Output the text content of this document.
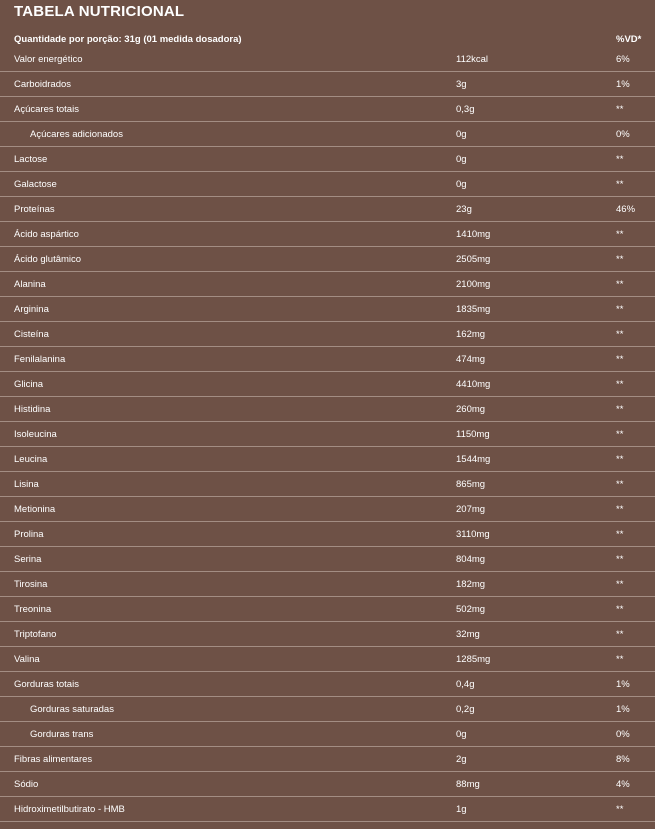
TABELA NUTRICIONAL
Quantidade por porção: 31g (01 medida dosadora)	%VD*
Valor energético	112kcal	6%
Carboidrados	3g	1%
Açúcares totais	0,3g	**
Açúcares adicionados	0g	0%
Lactose	0g	**
Galactose	0g	**
Proteínas	23g	46%
Ácido aspártico	1410mg	**
Ácido glutâmico	2505mg	**
Alanina	2100mg	**
Arginina	1835mg	**
Cisteína	162mg	**
Fenilalanina	474mg	**
Glicina	4410mg	**
Histidina	260mg	**
Isoleucina	1150mg	**
Leucina	1544mg	**
Lisina	865mg	**
Metionina	207mg	**
Prolina	3110mg	**
Serina	804mg	**
Tirosina	182mg	**
Treonina	502mg	**
Triptofano	32mg	**
Valina	1285mg	**
Gorduras totais	0,4g	1%
Gorduras saturadas	0,2g	1%
Gorduras trans	0g	0%
Fibras alimentares	2g	8%
Sódio	88mg	4%
Hidroximetilbutirato - HMB	1g	**
